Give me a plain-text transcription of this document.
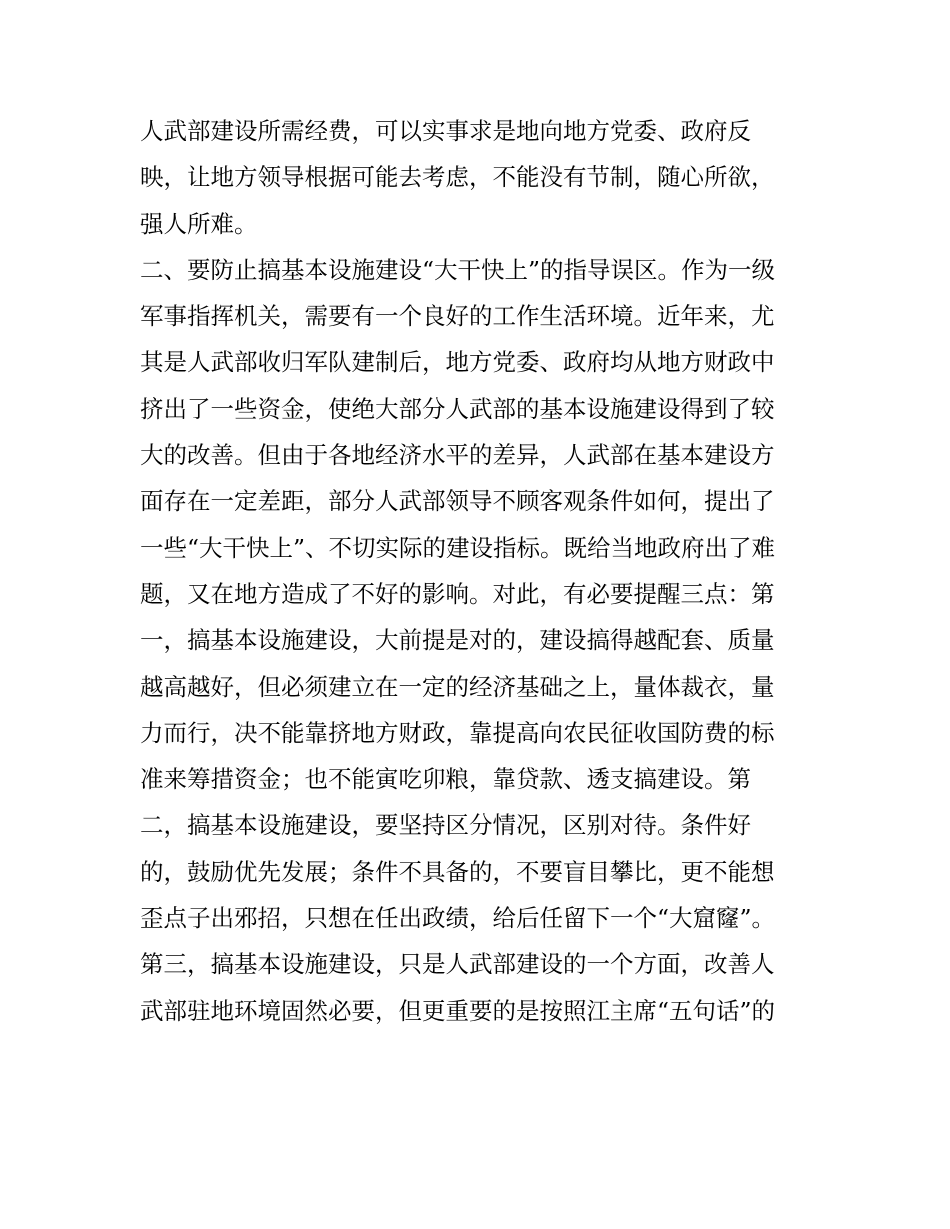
人武部建设所需经费，可以实事求是地向地方党委、政府反
映，让地方领导根据可能去考虑，不能没有节制，随心所欲，
强人所难。
二、要防止搞基本设施建设“大干快上”的指导误区。作为一级
军事指挥机关，需要有一个良好的工作生活环境。近年来，尤
其是人武部收归军队建制后，地方党委、政府均从地方财政中
挤出了一些资金，使绝大部分人武部的基本设施建设得到了较
大的改善。但由于各地经济水平的差异，人武部在基本建设方
面存在一定差距，部分人武部领导不顾客观条件如何，提出了
一些“大干快上”、不切实际的建设指标。既给当地政府出了难
题，又在地方造成了不好的影响。对此，有必要提醒三点：第
一，搞基本设施建设，大前提是对的，建设搞得越配套、质量
越高越好，但必须建立在一定的经济基础之上，量体裁衣，量
力而行，决不能靠挤地方财政，靠提高向农民征收国防费的标
准来筹措资金；也不能寅吃卯粮，靠贷款、透支搞建设。第
二，搞基本设施建设，要坚持区分情况，区别对待。条件好
的，鼓励优先发展；条件不具备的，不要盲目攀比，更不能想
歪点子出邪招，只想在任出政绩，给后任留下一个“大窟窿”。
第三，搞基本设施建设，只是人武部建设的一个方面，改善人
武部驻地环境固然必要，但更重要的是按照江主席“五句话”的
